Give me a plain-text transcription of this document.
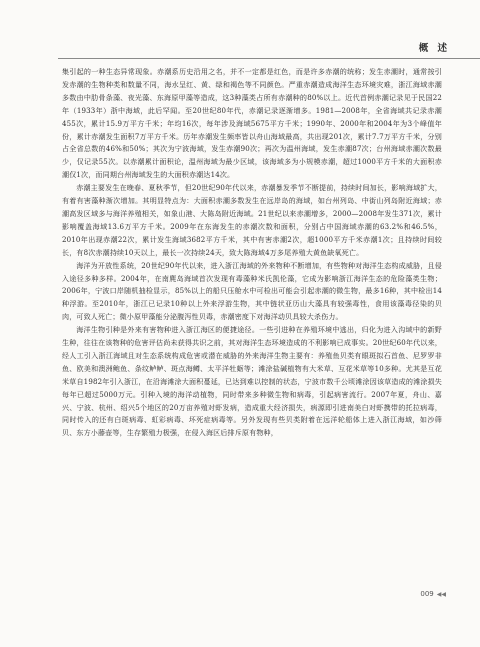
概 述

集引起的一种生态异常现象。赤潮系历史沿用之名，并不一定都是红色，而是许多赤潮的统称；发生赤潮时，通常按引发赤潮的生物种类和数量不同，海水呈红、黄、绿和褐色等不同颜色。严重赤潮造成海洋生态环境灾难，浙江海域赤潮多数由中肋骨条藻、夜光藻、东海原甲藻等造成，这3种藻类占所有赤潮种的80%以上。近代首例赤潮记录见于民国22年（1933年）浙中海域，此后罕闻。至20世纪80年代，赤潮记录逐渐增多。1981—2008年，全省海域共记录赤潮455次，累计15.9万平方千米；年均16次，每年涉及海域5675平方千米；1990年、2000年和2004年为3个峰值年份，累计赤潮发生面积7万平方千米。历年赤潮发生频率皆以舟山海域最高，共出现201次，累计7.7万平方千米，分别占全省总数的46%和50%；其次为宁波海域，发生赤潮90次；再次为温州海域，发生赤潮87次；台州海域赤潮次数最少，仅记录55次。以赤潮累计面积论，温州海域为最少区域，该海域多为小规模赤潮，超过1000平方千米的大面积赤潮仅1次，而同期台州海域发生的大面积赤潮达14次。

赤潮主要发生在晚春、夏秋季节，但20世纪90年代以来，赤潮暴发季节不断提前，持续时间加长，影响海域扩大，有着有害藻种渐次增加。其明显特点为：大面积赤潮多数发生在远岸岛的海域，如台州列岛、中街山列岛附近海域；赤潮高发区域多与海洋养殖相关，如象山港、大陈岛附近海域。21世纪以来赤潮增多，2000—2008年发生371次，累计影响覆盖海域13.6万平方千米。2009年在东海发生的赤潮次数和面积，分别占中国海域赤潮的63.2%和46.5%，2010年出现赤潮22次，累计发生海域3682平方千米，其中有害赤潮2次，超1000平方千米赤潮1次；且持续时间较长，有8次赤潮持续10天以上，最长一次持续24天，致大陈海域4万多尾养殖大黄鱼缺氧死亡。

海洋为开放性系统，20世纪90年代以来，进入浙江海域的外来物种不断增加，有些物种对海洋生态构成威胁，且侵入途径多种多样。2004年，在南麂岛海域首次发现有毒藻种米氏凯伦藻，它成为影响浙江海洋生态的危险藻类生物；2006年，宁波口岸随机抽检显示，85%以上的船只压舱水中可检出可能会引起赤潮的微生物，最多16种，其中检出14种浮游。至2010年，浙江已记录10种以上外来浮游生物，其中链状亚历山大藻具有较强毒性，食用该藻毒径染的贝肉，可致人死亡；微小原甲藻能分泌腹泻性贝毒，赤潮密度下对海洋动贝具较大杀伤力。

海洋生物引种是外来有害物种进入浙江海区的便捷途径。一些引进种在养殖环境中逃出，归化为进入沟域中的新野生种，往往在该物种的危害评估尚未获得共识之前，其对海洋生态环境造成的不利影响已成事实。20世纪60年代以来，经人工引入浙江海域且对生态系统构成危害或潜在威胁的外来海洋生物主要有：养殖鱼贝类有眼斑拟石首鱼、尼罗罗非鱼、欧美和澳洲鲍鱼、条纹鲈鲈、斑点海鳟、太平洋牡蛎等；滩涂盐碱植物有大米草、互花米草等10多种。尤其是互花米草自1982年引入浙江，在沿海滩涂大面积蔓延，已达到难以控制的状态，宁波市数千公顷滩涂因该草造成的滩涂损失每年已超过5000万元。引种入境的海洋动植物，同时带来多种微生物和病毒，引起病害流行。2007年夏，舟山、嘉兴、宁波、杭州、绍兴5个地区的20万亩养殖对虾发病，造成重大经济损失，病源即引进南美白对虾携带的托拉病毒，同时传入的还有白斑病毒、虹彩病毒、坏死症病毒等。另外发现有些贝类附着在远洋轮船体上进入浙江海域，如沙筛贝、东方小藤壶等，生存繁殖力极强，在侵入海区后排斥原有物种，

009 ◀◀
